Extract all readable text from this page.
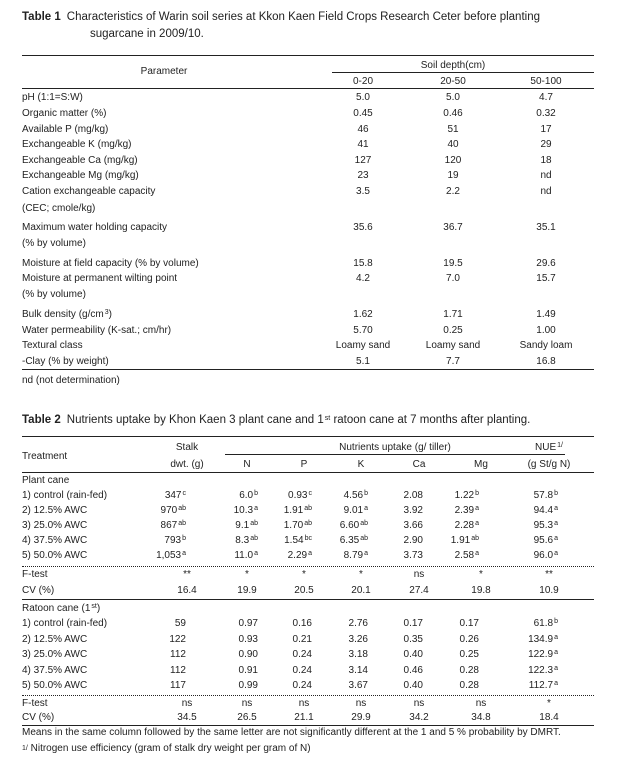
Table 1 Characteristics of Warin soil series at Kkon Kaen Field Crops Research Ceter before planting
sugarcane in 2009/10.
Parameter
Soil depth(cm)
0-20	20-50	50-100
pH (1:1=S:W)	5.0	5.0	4.7
Organic matter (%)	0.45	0.46	0.32
Available P (mg/kg)	46	51	17
Exchangeable K (mg/kg)	41	40	29
Exchangeable Ca (mg/kg)	127	120	18
Exchangeable Mg (mg/kg)	23	19	nd
Cation exchangeable capacity
(CEC; cmole/kg)
3.5	2.2	nd
Maximum water holding capacity
(% by volume)
35.6	36.7	35.1
Moisture at field capacity (% by volume)	15.8	19.5	29.6
Moisture at permanent wilting point
(% by volume)
4.2	7.0	15.7
Bulk density $(g/cm^3)$	1.62	1.71	1.49
Water permeability (K-sat.; cm/hr)	5.70	0.25	1.00
Textural class	Loamy sand	Loamy sand	Sandy loam
-Clay (% by weight)	5.1	7.7	16.8
nd (not determination)
Table 2 Nutrients uptake by Khon Kaen 3 plant cane and 1st ratoon cane at 7 months after planting.
Treatment
Stalk
dwt. (g)
Nutrients uptake (g/ tiller)
N	P	K	Ca	Mg
$NUE^{1/}$
(g St/g N)
Plant cane
1) control (rain-fed)	347$^c$	6.0$^b$	0.93$^c$	4.56$^b$	2.08	1.22$^b$	57.8$^b$
2) 12.5% AWC	$970^{ab}$	10.3$^a$	1.91$^{ab}$	9.01$^a$	3.92	2.39$^a$	94.4$^a$
3) 25.0% AWC	$867^{ab}$	9.1$^{ab}$	1.70$^{ab}$	6.60$^{ab}$	3.66	2.28$^a$	95.3$^a$
4) 37.5% AWC	793$^b$	8.3$^{ab}$	1.54$^{bc}$	6.35$^{ab}$	2.90	1.91$^{ab}$	95.6$^a$
5) 50.0% AWC	1,053$^a$	11.0$^a$	2.29$^a$	8.79$^a$	3.73	2.58$^a$	96.0$^a$
F-test	**	*	*	*	ns	*	**
CV (%)	16.4	19.9	20.5	20.1	27.4	19.8	10.9
Ratoon cane (1st)
1) control (rain-fed)	59	0.97	0.16	2.76	0.17	0.17	61.8$^b$
2) 12.5% AWC	122	0.93	0.21	3.26	0.35	0.26	134.9$^a$
3) 25.0% AWC	112	0.90	0.24	3.18	0.40	0.25	122.9$^a$
4) 37.5% AWC	112	0.91	0.24	3.14	0.46	0.28	122.3$^a$
5) 50.0% AWC	117	0.99	0.24	3.67	0.40	0.28	112.7$^a$
F-test	ns	ns	ns	ns	ns	ns	*
CV (%)	34.5	26.5	21.1	29.9	34.2	34.8	18.4
Means in the same column followed by the same letter are not significantly different at the 1 and 5 % probability by DMRT.
$^{1/}$ Nitrogen use efficiency (gram of stalk dry weight per gram of N)
